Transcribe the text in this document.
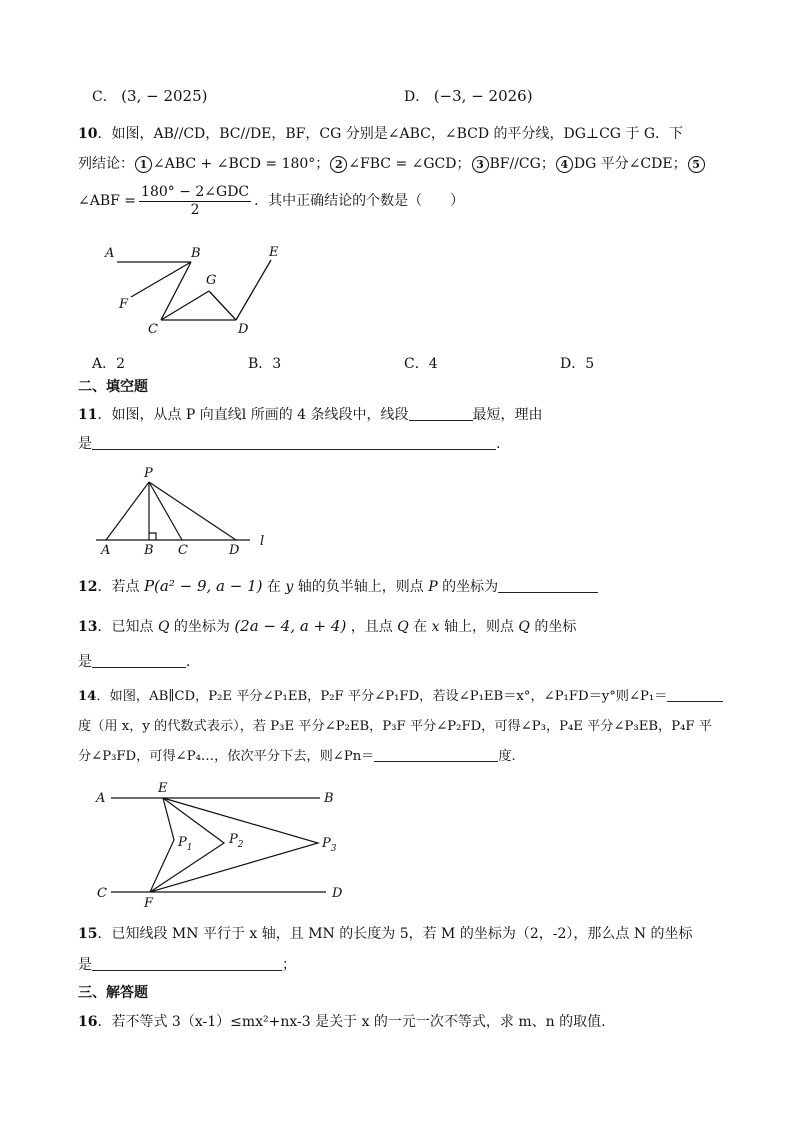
C． (3, − 2025)	D． (−3, − 2026)
10．如图，AB//CD，BC//DE，BF，CG 分别是∠ABC，∠BCD 的平分线，DG⊥CG 于 G．下
列结论： 1 ∠ABC + ∠BCD = 180°； 2 ∠FBC = ∠GCD； 3 BF//CG； 4 DG 平分∠CDE； 5
∠ABF = $\frac{\text{180° − 2∠GDC}}{2}$ ．其中正确结论的个数是（　　）
A	B	E
G
F
C	D
A．2	B．3	C．4	D．5
二、填空题
11．如图，从点 P 向直线l 所画的 4 条线段中，线段	最短，理由
是	.
P
A	B C	D
l
12．若点 P(a² − 9, a − 1) 在 y 轴的负半轴上，则点 P 的坐标为
13．已知点 Q 的坐标为 (2a − 4, a + 4) ，且点 Q 在 x 轴上，则点 Q 的坐标
是	．
14．如图，AB∥CD，P₂E 平分∠P₁EB，P₂F 平分∠P₁FD，若设∠P₁EB＝x°，∠P₁FD＝y°则∠P₁＝
度（用 x，y 的代数式表示），若 P₃E 平分∠P₂EB，P₃F 平分∠P₂FD，可得∠P₃，P₄E 平分∠P₃EB，P₄F 平
分∠P₃FD，可得∠P₄…，依次平分下去，则∠Pn＝	度.
A
E
B
$P_1$
$P_2$	$P_3$
C
F
D
15．已知线段 MN 平行于 x 轴，且 MN 的长度为 5，若 M 的坐标为（2，-2），那么点 N 的坐标
是	；
三、解答题
16．若不等式 3（x-1）≤mx²+nx-3 是关于 x 的一元一次不等式，求 m、n 的取值.
